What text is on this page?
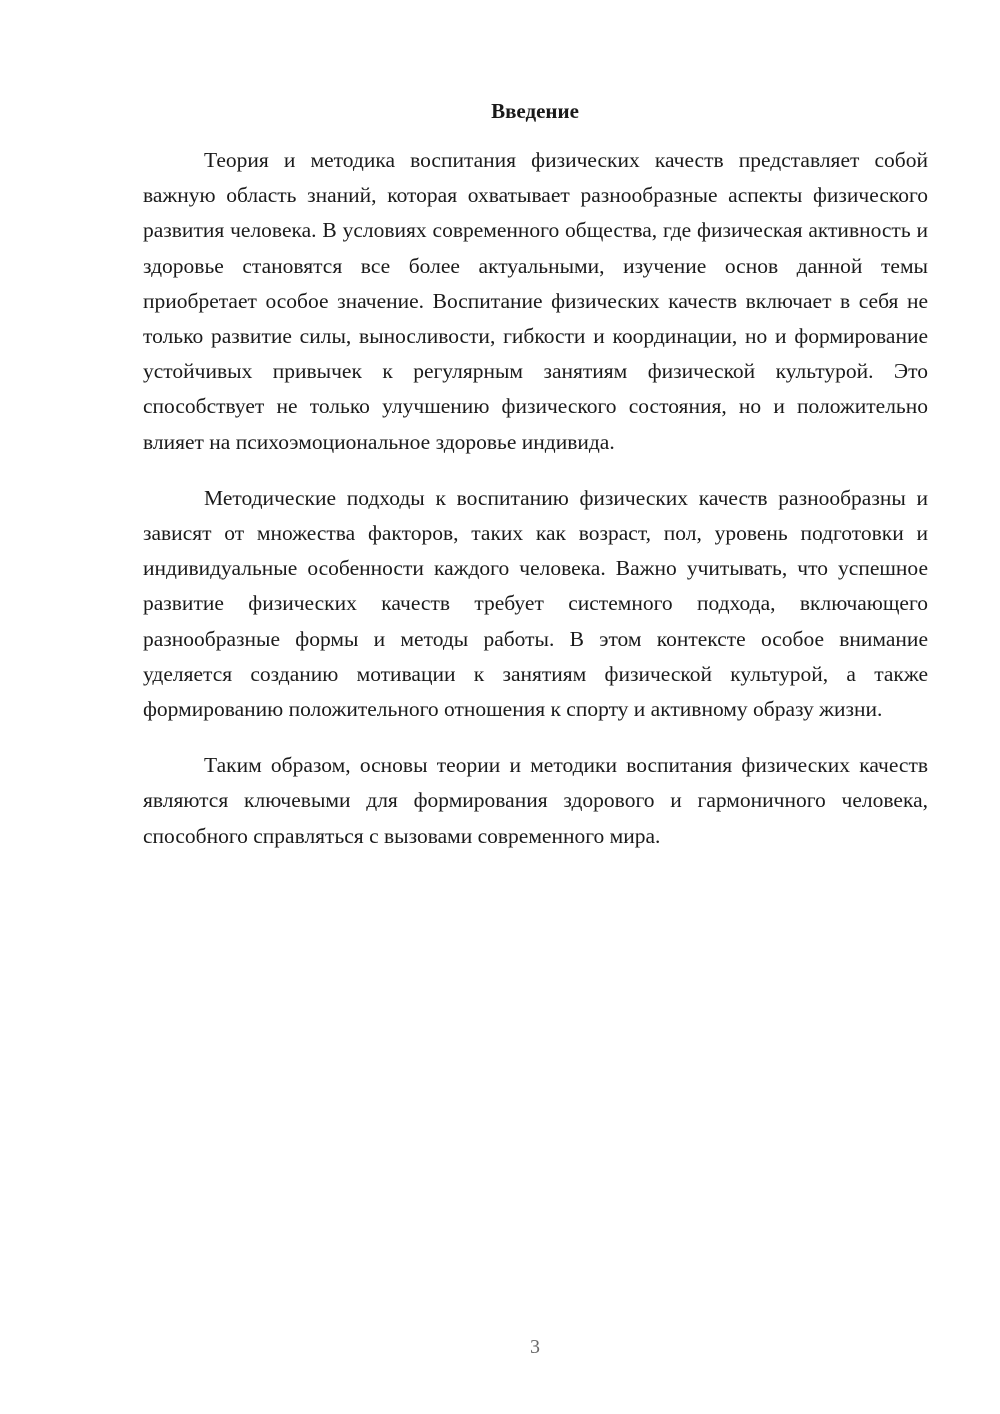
Введение

Теория и методика воспитания физических качеств представляет собой важную область знаний, которая охватывает разнообразные аспекты физического развития человека. В условиях современного общества, где физическая активность и здоровье становятся все более актуальными, изучение основ данной темы приобретает особое значение. Воспитание физических качеств включает в себя не только развитие силы, выносливости, гибкости и координации, но и формирование устойчивых привычек к регулярным занятиям физической культурой. Это способствует не только улучшению физического состояния, но и положительно влияет на психоэмоциональное здоровье индивида.

Методические подходы к воспитанию физических качеств разнообразны и зависят от множества факторов, таких как возраст, пол, уровень подготовки и индивидуальные особенности каждого человека. Важно учитывать, что успешное развитие физических качеств требует системного подхода, включающего разнообразные формы и методы работы. В этом контексте особое внимание уделяется созданию мотивации к занятиям физической культурой, а также формированию положительного отношения к спорту и активному образу жизни.

Таким образом, основы теории и методики воспитания физических качеств являются ключевыми для формирования здорового и гармоничного человека, способного справляться с вызовами современного мира.

3
